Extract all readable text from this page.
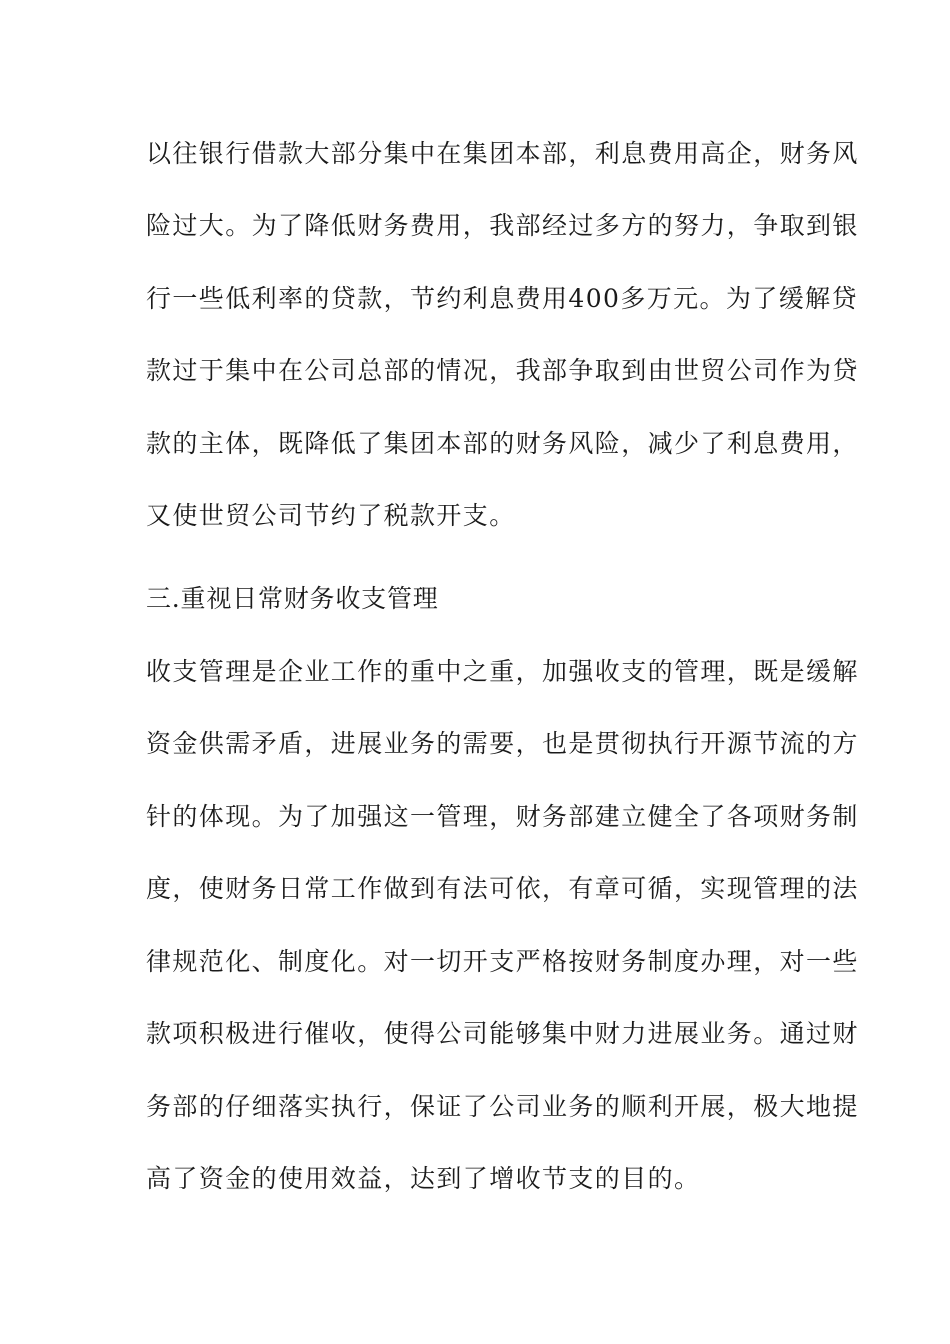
以往银行借款大部分集中在集团本部，利息费用高企，财务风
险过大。为了降低财务费用，我部经过多方的努力，争取到银
行一些低利率的贷款，节约利息费用400多万元。为了缓解贷
款过于集中在公司总部的情况，我部争取到由世贸公司作为贷
款的主体，既降低了集团本部的财务风险，减少了利息费用，
又使世贸公司节约了税款开支。
三.重视日常财务收支管理
收支管理是企业工作的重中之重，加强收支的管理，既是缓解
资金供需矛盾，进展业务的需要，也是贯彻执行开源节流的方
针的体现。为了加强这一管理，财务部建立健全了各项财务制
度，使财务日常工作做到有法可依，有章可循，实现管理的法
律规范化、制度化。对一切开支严格按财务制度办理，对一些
款项积极进行催收，使得公司能够集中财力进展业务。通过财
务部的仔细落实执行，保证了公司业务的顺利开展，极大地提
高了资金的使用效益，达到了增收节支的目的。
